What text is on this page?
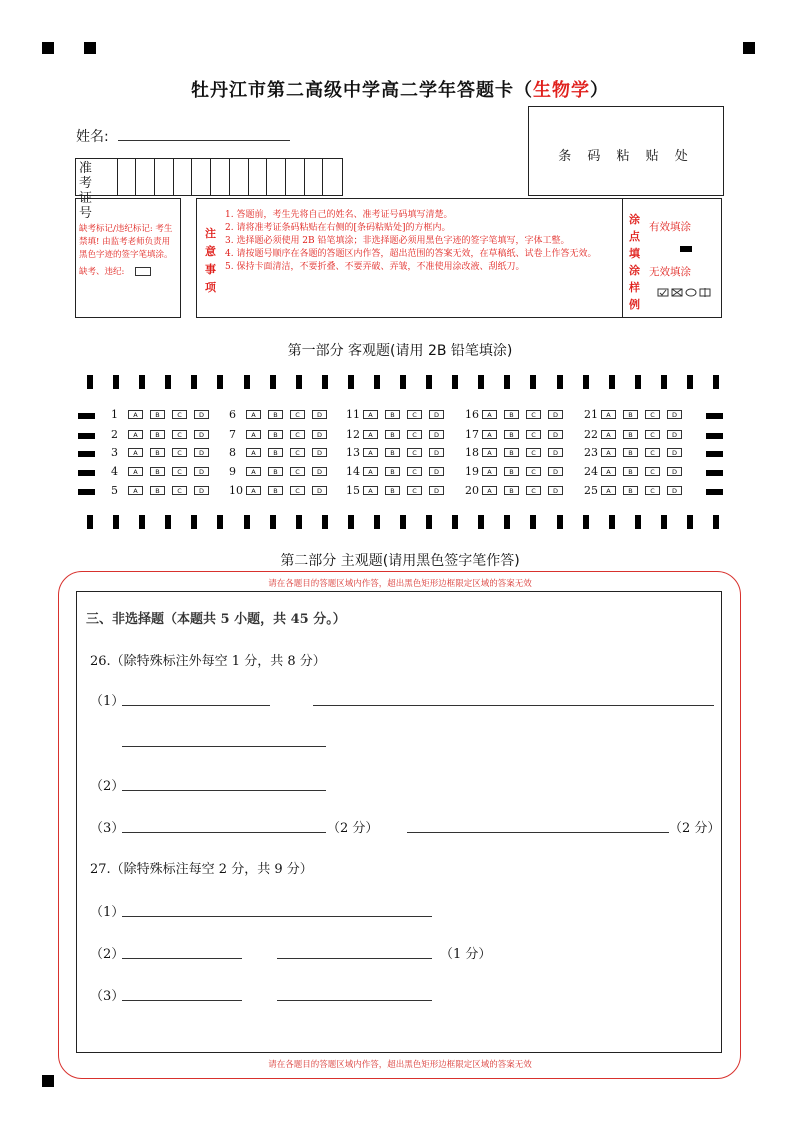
牡丹江市第二高级中学高二学年答题卡（生物学）
姓名:
条 码 粘 贴 处
准 考 证 号
缺考标记/违纪标记: 考生禁填! 由监考老师负责用黑色字迹的签字笔填涂。
缺考、违纪:
注意事项
1. 答题前，考生先将自己的姓名、准考证号码填写清楚。
2. 请将准考证条码粘贴在右侧的[条码粘贴处]的方框内。
3. 选择题必须使用 2B 铅笔填涂；非选择题必须用黑色字迹的签字笔填写，字体工整。
4. 请按题号顺序在各题的答题区内作答，超出范围的答案无效，在草稿纸、试卷上作答无效。
5. 保持卡面清洁，不要折叠、不要弄破、弄皱，不准使用涂改液、刮纸刀。
涂点填涂样例
有效填涂
无效填涂
第一部分 客观题(请用 2B 铅笔填涂)
1	A	B	C	D
2	A	B	C	D
3	A	B	C	D
4	A	B	C	D
5	A	B	C	D
6	A	B	C	D
7	A	B	C	D
8	A	B	C	D
9	A	B	C	D
10	A	B	C	D
11	A	B	C	D
12	A	B	C	D
13	A	B	C	D
14	A	B	C	D
15	A	B	C	D
16	A	B	C	D
17	A	B	C	D
18	A	B	C	D
19	A	B	C	D
20	A	B	C	D
21	A	B	C	D
22	A	B	C	D
23	A	B	C	D
24	A	B	C	D
25	A	B	C	D
第二部分 主观题(请用黑色签字笔作答)
请在各题目的答题区域内作答，超出黑色矩形边框限定区域的答案无效
请在各题目的答题区域内作答，超出黑色矩形边框限定区域的答案无效
三、非选择题（本题共 5 小题，共 45 分。）
26.（除特殊标注外每空 1 分，共 8 分）
（1）
（2）
（3）	（2 分）	（2 分）
27.（除特殊标注每空 2 分，共 9 分）
（1）
（2）	（1 分）
（3）
